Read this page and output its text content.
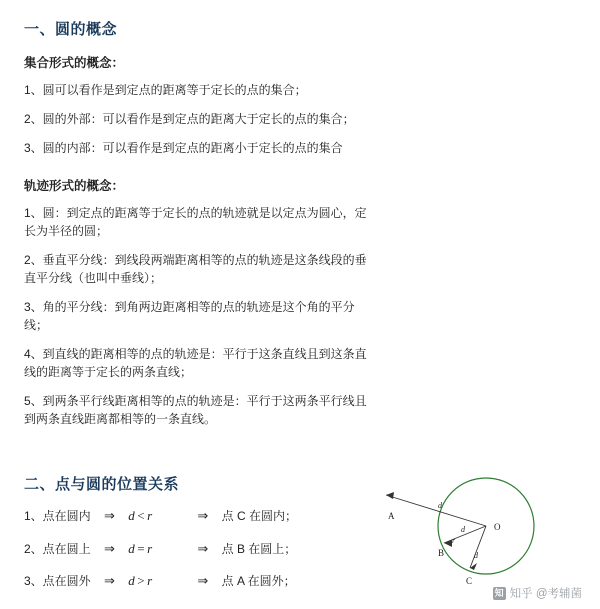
一、圆的概念
集合形式的概念：
1、圆可以看作是到定点的距离等于定长的点的集合；
2、圆的外部：可以看作是到定点的距离大于定长的点的集合；
3、圆的内部：可以看作是到定点的距离小于定长的点的集合
轨迹形式的概念：
1、圆：到定点的距离等于定长的点的轨迹就是以定点为圆心，定长为半径的圆；
2、垂直平分线：到线段两端距离相等的点的轨迹是这条线段的垂直平分线（也叫中垂线）；
3、角的平分线：到角两边距离相等的点的轨迹是这个角的平分线；
4、到直线的距离相等的点的轨迹是：平行于这条直线且到这条直线的距离等于定长的两条直线；
5、到两条平行线距离相等的点的轨迹是：平行于这两条平行线且到两条直线距离都相等的一条直线。
二、点与圆的位置关系
1、点在圆内 ⇒ d < r	⇒ 点 C 在圆内；
2、点在圆上 ⇒ d = r	⇒ 点 B 在圆上；
3、点在圆外 ⇒ d > r	⇒ 点 A 在圆外；
A
B
C
O
r
d
d
d
知 知乎 @考辅菌
